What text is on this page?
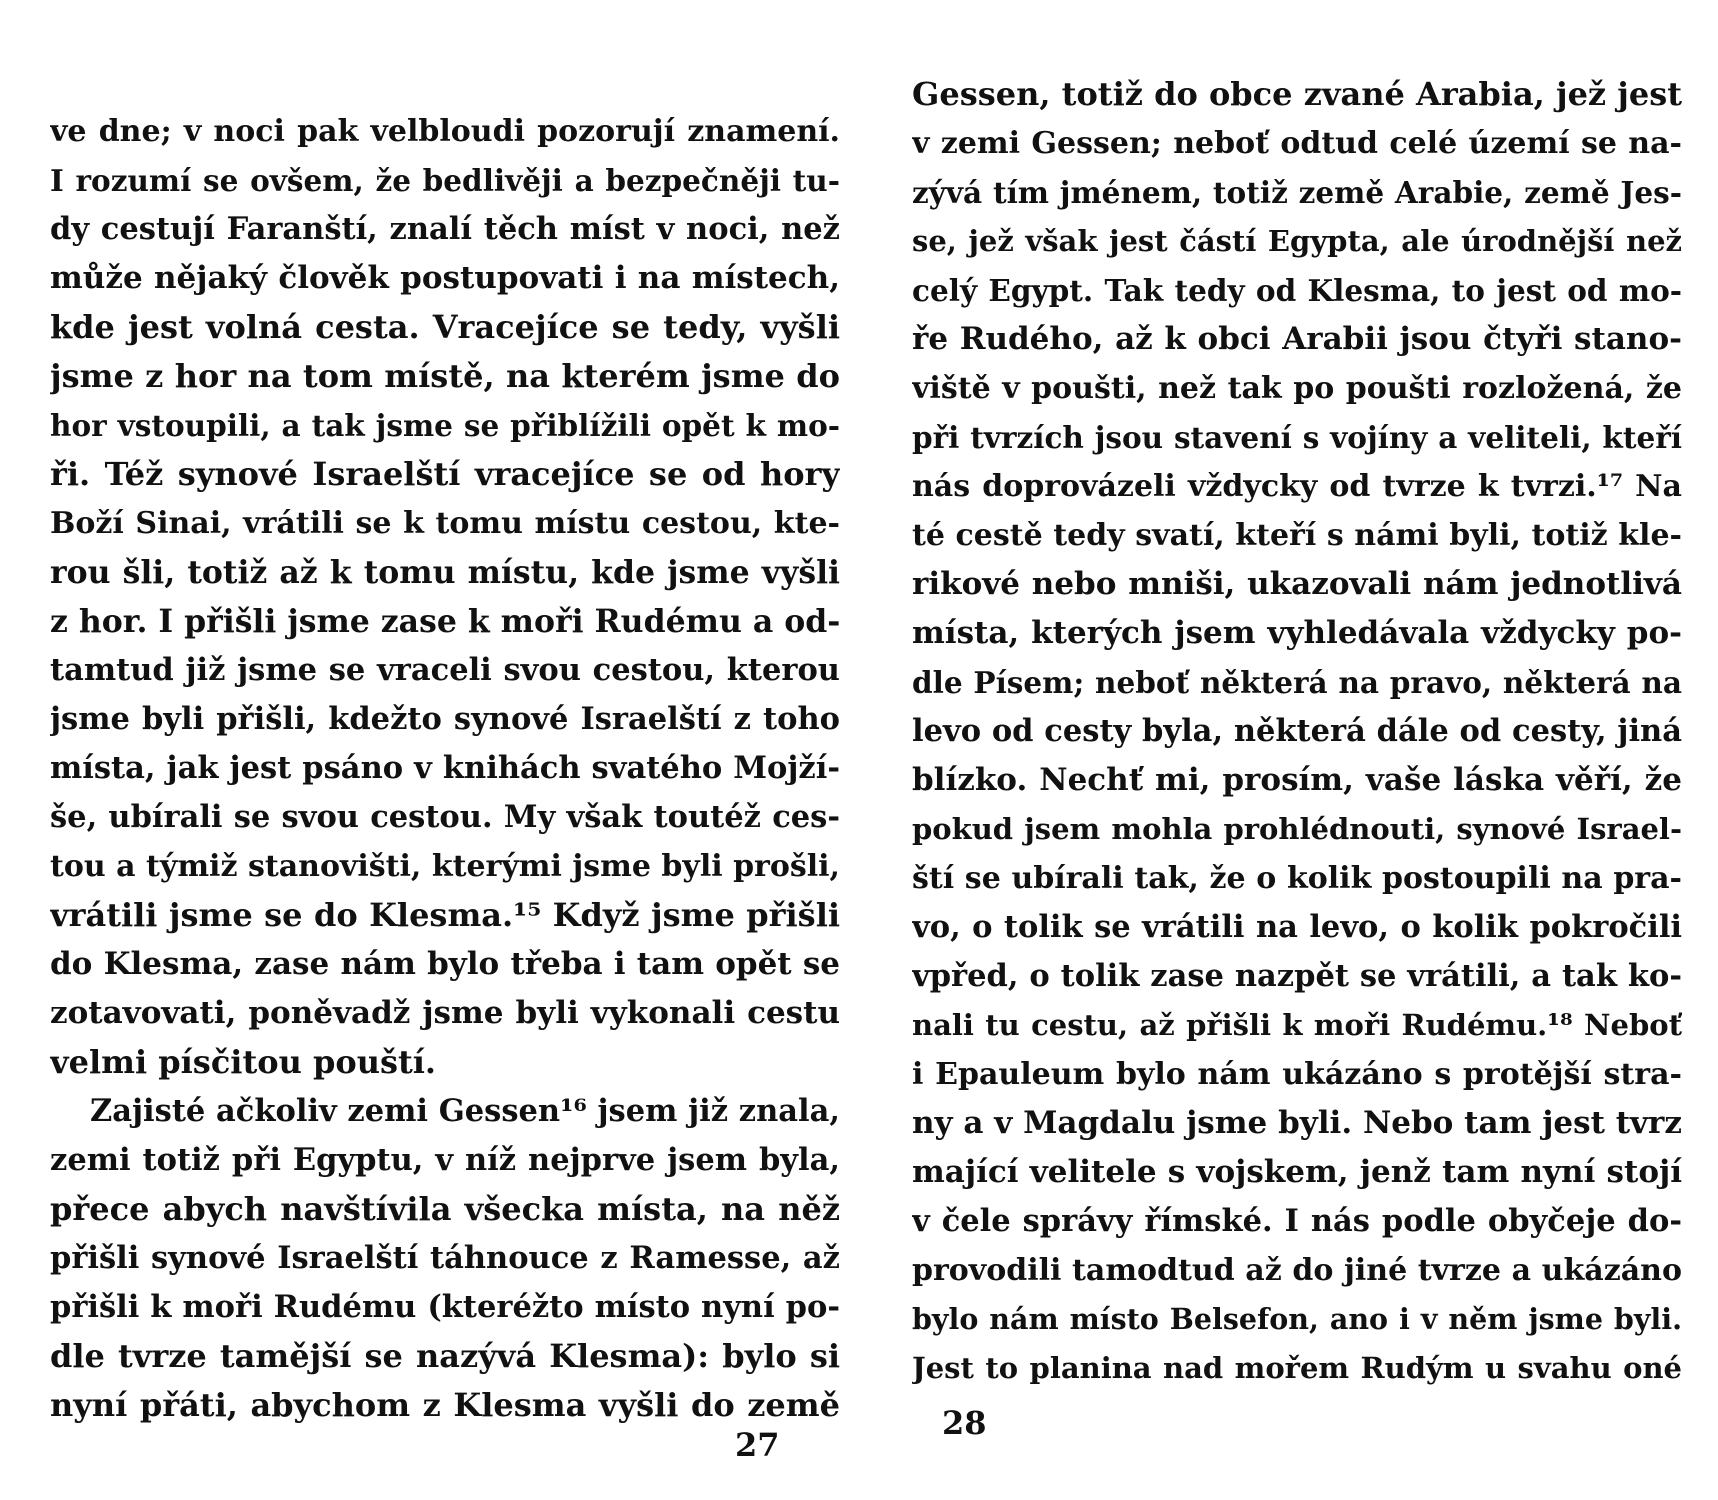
ve dne; v noci pak velbloudi pozorují znamení.
I rozumí se ovšem, že bedlivěji a bezpečněji tu-
dy cestují Faranští, znalí těch míst v noci, než
může nějaký člověk postupovati i na místech,
kde jest volná cesta. Vracejíce se tedy, vyšli
jsme z hor na tom místě, na kterém jsme do
hor vstoupili, a tak jsme se přiblížili opět k mo-
ři. Též synové Israelští vracejíce se od hory
Boží Sinai, vrátili se k tomu místu cestou, kte-
rou šli, totiž až k tomu místu, kde jsme vyšli
z hor. I přišli jsme zase k moři Rudému a od-
tamtud již jsme se vraceli svou cestou, kterou
jsme byli přišli, kdežto synové Israelští z toho
místa, jak jest psáno v knihách svatého Mojží-
še, ubírali se svou cestou. My však toutéž ces-
tou a týmiž stanovišti, kterými jsme byli prošli,
vrátili jsme se do Klesma.¹⁵ Když jsme přišli
do Klesma, zase nám bylo třeba i tam opět se
zotavovati, poněvadž jsme byli vykonali cestu
velmi písčitou pouští.
Zajisté ačkoliv zemi Gessen¹⁶ jsem již znala,
zemi totiž při Egyptu, v níž nejprve jsem byla,
přece abych navštívila všecka místa, na něž
přišli synové Israelští táhnouce z Ramesse, až
přišli k moři Rudému (kteréžto místo nyní po-
dle tvrze tamější se nazývá Klesma): bylo si
nyní přáti, abychom z Klesma vyšli do země
27
Gessen, totiž do obce zvané Arabia, jež jest
v zemi Gessen; neboť odtud celé území se na-
zývá tím jménem, totiž země Arabie, země Jes-
se, jež však jest částí Egypta, ale úrodnější než
celý Egypt. Tak tedy od Klesma, to jest od mo-
ře Rudého, až k obci Arabii jsou čtyři stano-
viště v poušti, než tak po poušti rozložená, že
při tvrzích jsou stavení s vojíny a veliteli, kteří
nás doprovázeli vždycky od tvrze k tvrzi.¹⁷ Na
té cestě tedy svatí, kteří s námi byli, totiž kle-
rikové nebo mniši, ukazovali nám jednotlivá
místa, kterých jsem vyhledávala vždycky po-
dle Písem; neboť některá na pravo, některá na
levo od cesty byla, některá dále od cesty, jiná
blízko. Nechť mi, prosím, vaše láska věří, že
pokud jsem mohla prohlédnouti, synové Israel-
ští se ubírali tak, že o kolik postoupili na pra-
vo, o tolik se vrátili na levo, o kolik pokročili
vpřed, o tolik zase nazpět se vrátili, a tak ko-
nali tu cestu, až přišli k moři Rudému.¹⁸ Neboť
i Epauleum bylo nám ukázáno s protější stra-
ny a v Magdalu jsme byli. Nebo tam jest tvrz
mající velitele s vojskem, jenž tam nyní stojí
v čele správy římské. I nás podle obyčeje do-
provodili tamodtud až do jiné tvrze a ukázáno
bylo nám místo Belsefon, ano i v něm jsme byli.
Jest to planina nad mořem Rudým u svahu oné
28
